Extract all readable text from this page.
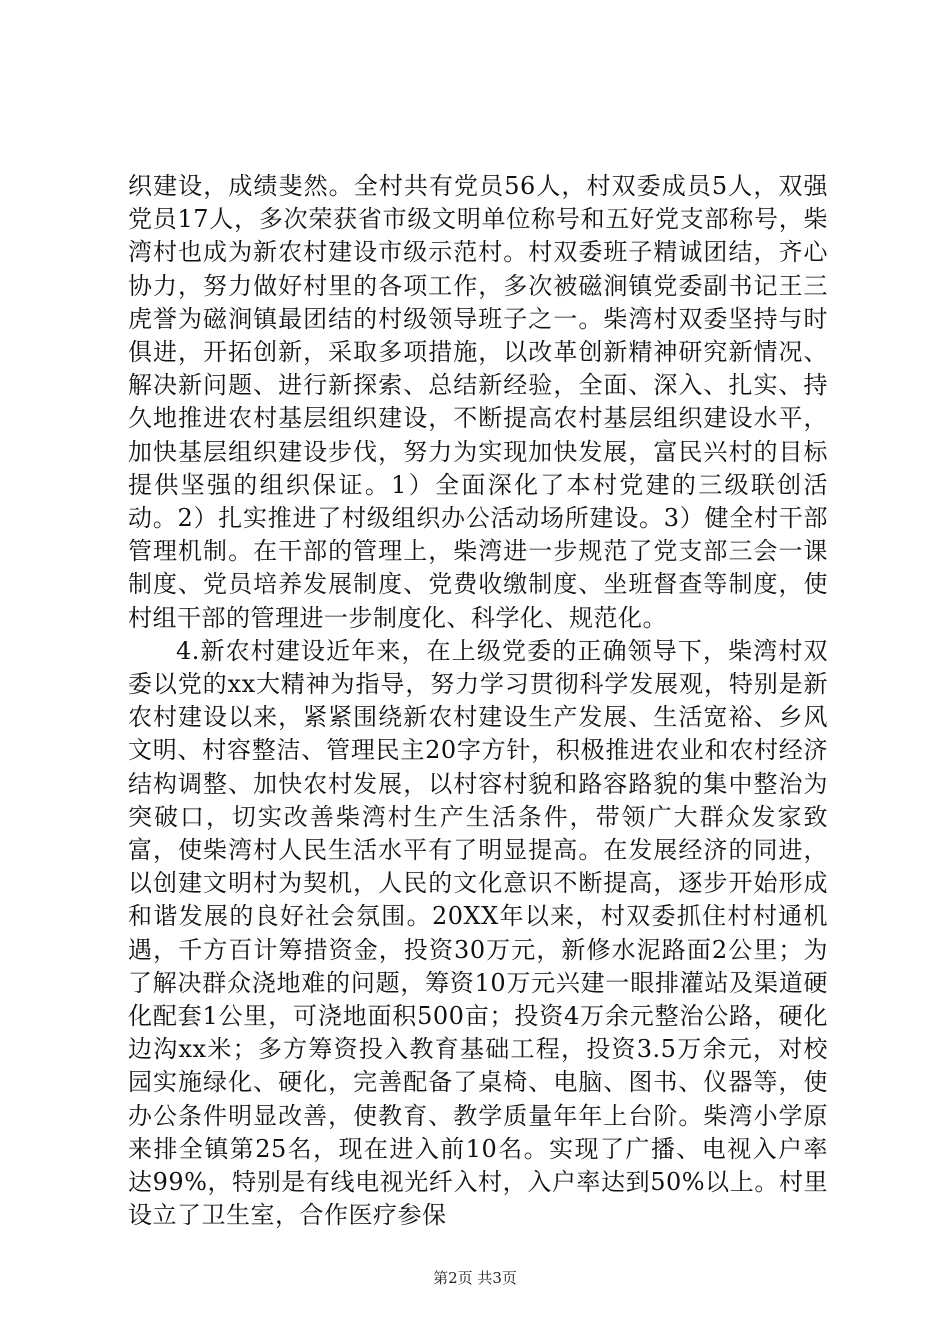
织建设，成绩斐然。全村共有党员56人，村双委成员5人，双强党员17人，多次荣获省市级文明单位称号和五好党支部称号，柴湾村也成为新农村建设市级示范村。村双委班子精诚团结，齐心协力，努力做好村里的各项工作，多次被磁涧镇党委副书记王三虎誉为磁涧镇最团结的村级领导班子之一。柴湾村双委坚持与时俱进，开拓创新，采取多项措施，以改革创新精神研究新情况、解决新问题、进行新探索、总结新经验，全面、深入、扎实、持久地推进农村基层组织建设，不断提高农村基层组织建设水平，加快基层组织建设步伐，努力为实现加快发展，富民兴村的目标提供坚强的组织保证。1）全面深化了本村党建的三级联创活动。2）扎实推进了村级组织办公活动场所建设。3）健全村干部管理机制。在干部的管理上，柴湾进一步规范了党支部三会一课制度、党员培养发展制度、党费收缴制度、坐班督查等制度，使村组干部的管理进一步制度化、科学化、规范化。

4.新农村建设近年来，在上级党委的正确领导下，柴湾村双委以党的xx大精神为指导，努力学习贯彻科学发展观，特别是新农村建设以来，紧紧围绕新农村建设生产发展、生活宽裕、乡风文明、村容整洁、管理民主20字方针，积极推进农业和农村经济结构调整、加快农村发展，以村容村貌和路容路貌的集中整治为突破口，切实改善柴湾村生产生活条件，带领广大群众发家致富，使柴湾村人民生活水平有了明显提高。在发展经济的同进，以创建文明村为契机，人民的文化意识不断提高，逐步开始形成和谐发展的良好社会氛围。20XX年以来，村双委抓住村村通机遇，千方百计筹措资金，投资30万元，新修水泥路面2公里；为了解决群众浇地难的问题，筹资10万元兴建一眼排灌站及渠道硬化配套1公里，可浇地面积500亩；投资4万余元整治公路，硬化边沟xx米；多方筹资投入教育基础工程，投资3.5万余元，对校园实施绿化、硬化，完善配备了桌椅、电脑、图书、仪器等，使办公条件明显改善，使教育、教学质量年年上台阶。柴湾小学原来排全镇第25名，现在进入前10名。实现了广播、电视入户率达99%，特别是有线电视光纤入村，入户率达到50%以上。村里设立了卫生室，合作医疗参保

第2页 共3页
